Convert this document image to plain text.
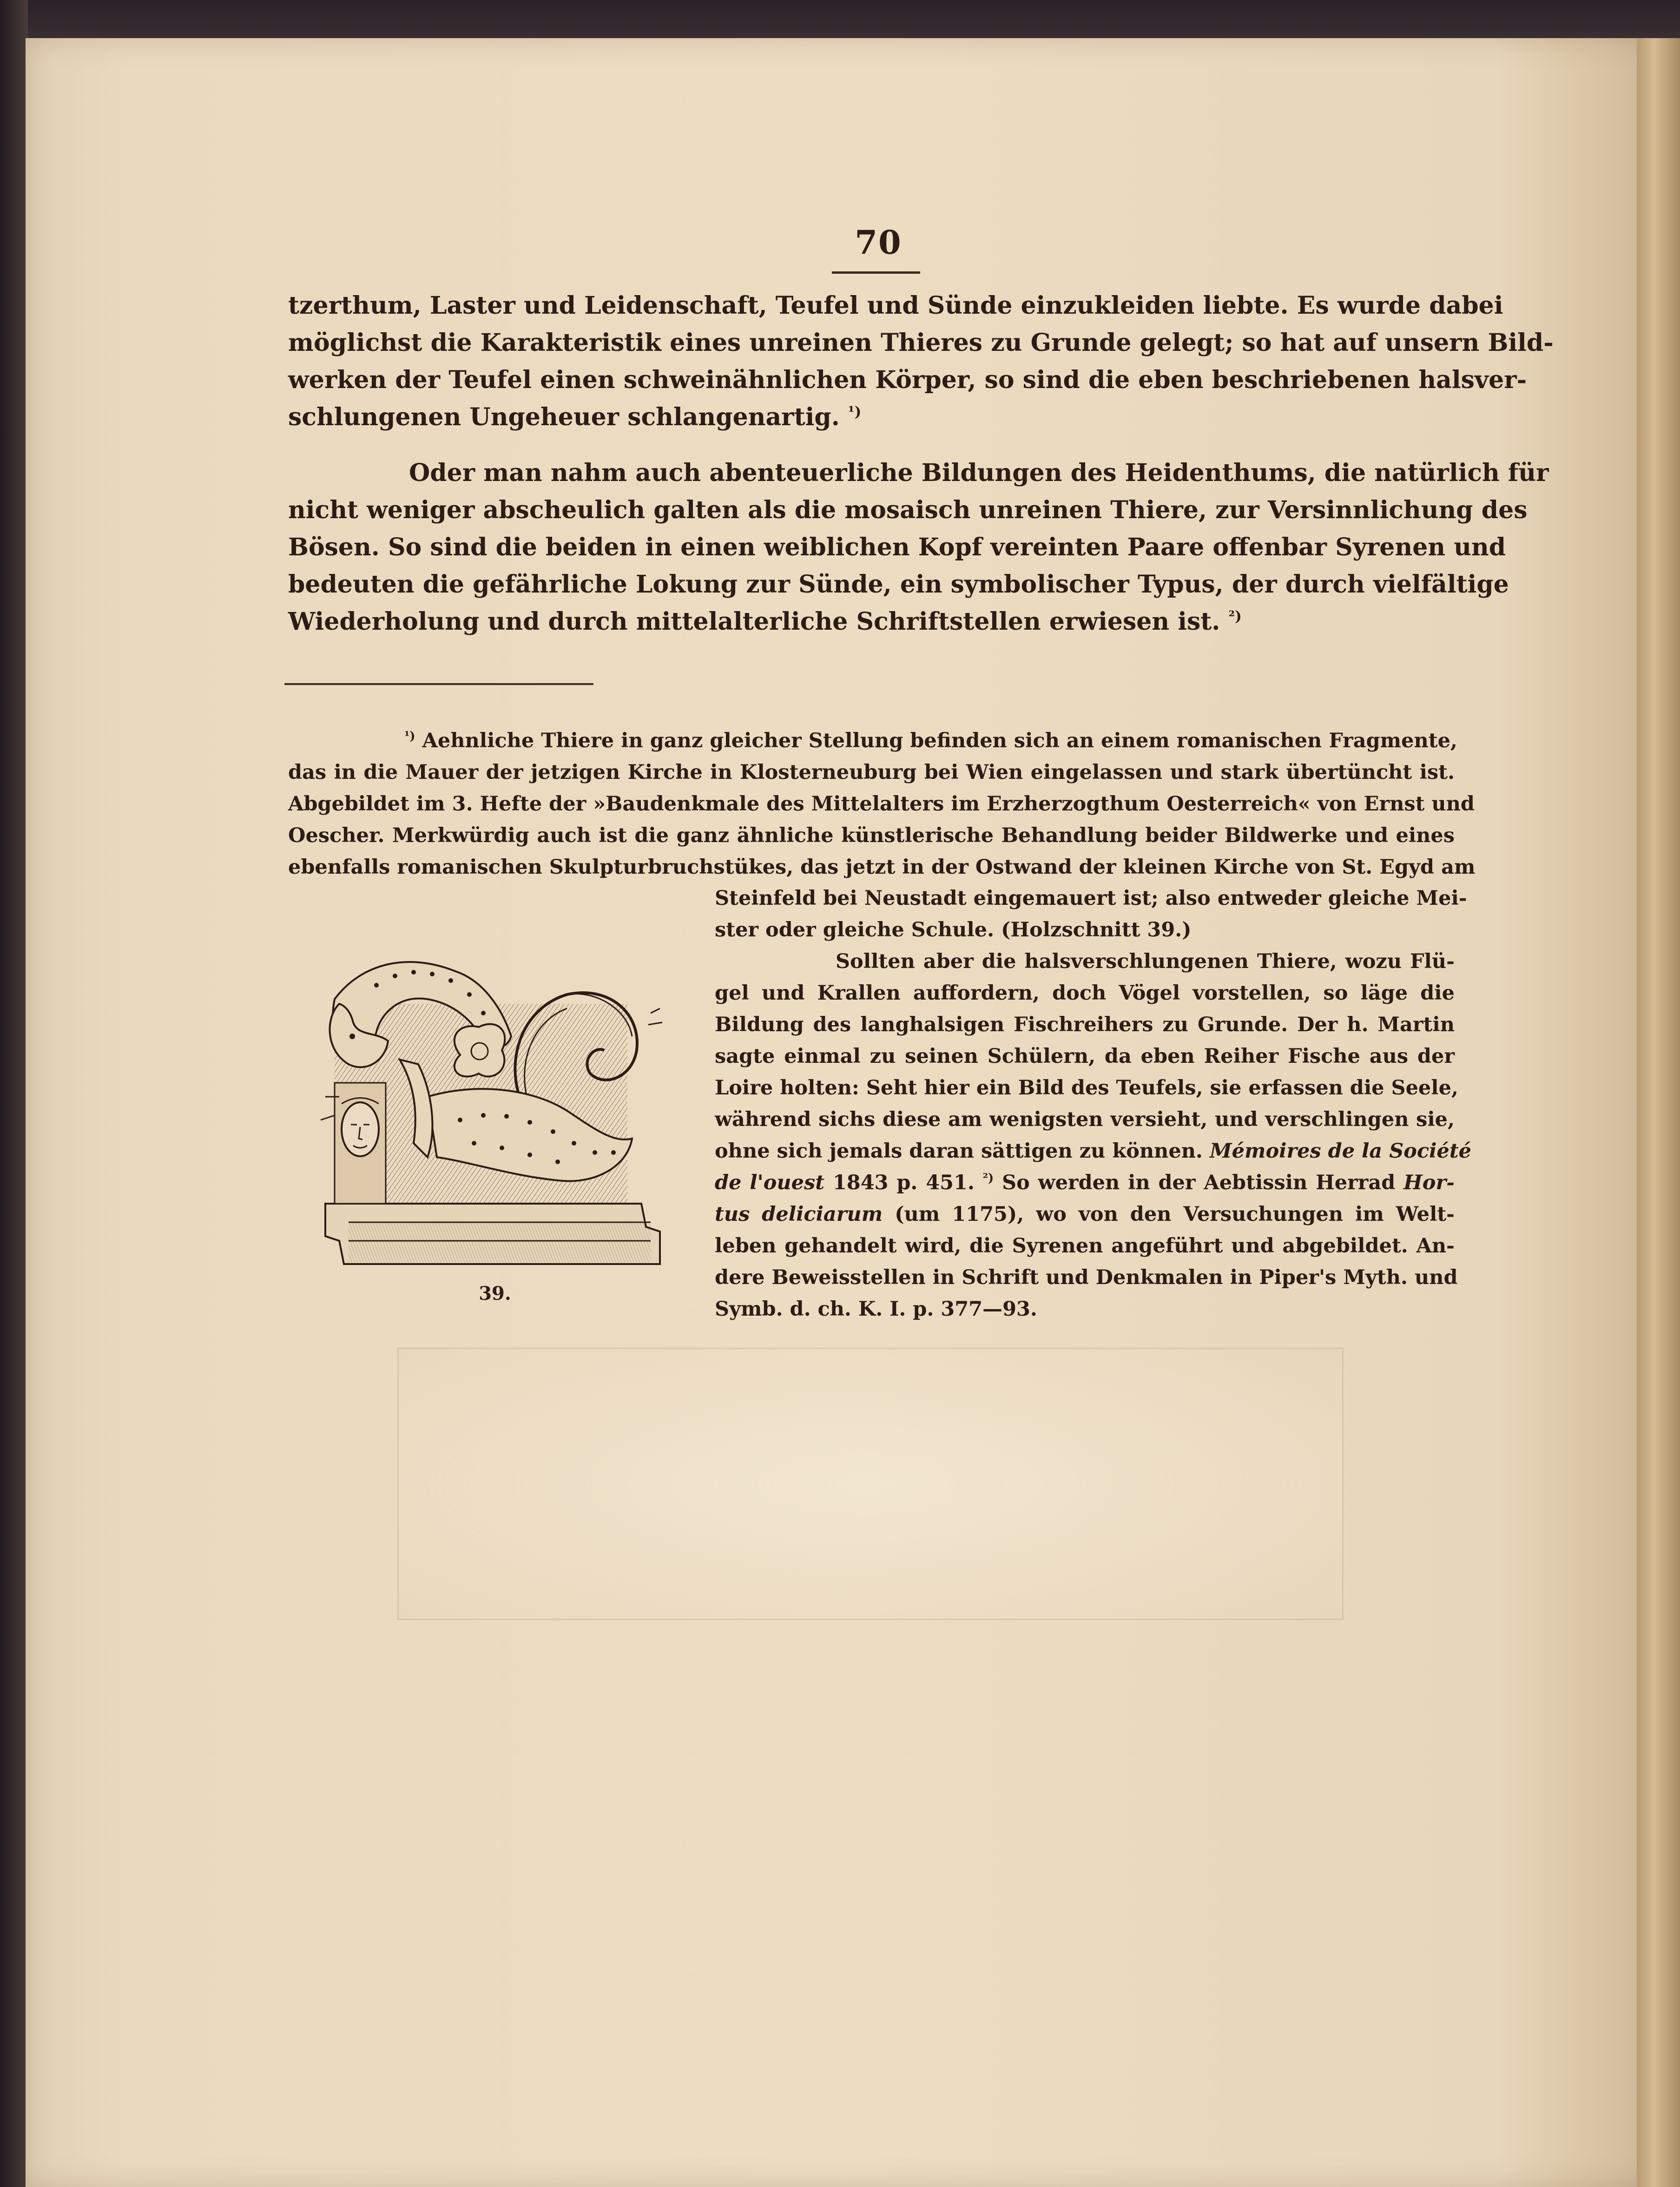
70
tzerthum, Laster und Leidenschaft, Teufel und Sünde einzukleiden liebte. Es wurde dabei
möglichst die Karakteristik eines unreinen Thieres zu Grunde gelegt; so hat auf unsern Bild-
werken der Teufel einen schweinähnlichen Körper, so sind die eben beschriebenen halsver-
schlungenen Ungeheuer schlangenartig. $^{^1)}$
Oder man nahm auch abenteuerliche Bildungen des Heidenthums, die natürlich für
nicht weniger abscheulich galten als die mosaisch unreinen Thiere, zur Versinnlichung des
Bösen. So sind die beiden in einen weiblichen Kopf vereinten Paare offenbar Syrenen und
bedeuten die gefährliche Lokung zur Sünde, ein symbolischer Typus, der durch vielfältige
Wiederholung und durch mittelalterliche Schriftstellen erwiesen ist. $^{^2)}$
$^{^1)}$ Aehnliche Thiere in ganz gleicher Stellung befinden sich an einem romanischen Fragmente,
das in die Mauer der jetzigen Kirche in Klosterneuburg bei Wien eingelassen und stark übertüncht ist.
Abgebildet im 3. Hefte der »Baudenkmale des Mittelalters im Erzherzogthum Oesterreich« von Ernst und
Oescher. Merkwürdig auch ist die ganz ähnliche künstlerische Behandlung beider Bildwerke und eines
ebenfalls romanischen Skulpturbruchstükes, das jetzt in der Ostwand der kleinen Kirche von St. Egyd am
39.
Steinfeld bei Neustadt eingemauert ist; also entweder gleiche Mei-
ster oder gleiche Schule. (Holzschnitt 39.)
Sollten aber die halsverschlungenen Thiere, wozu Flü-
gel und Krallen auffordern, doch Vögel vorstellen, so läge die
Bildung des langhalsigen Fischreihers zu Grunde. Der h. Martin
sagte einmal zu seinen Schülern, da eben Reiher Fische aus der
Loire holten: Seht hier ein Bild des Teufels, sie erfassen die Seele,
während sichs diese am wenigsten versieht, und verschlingen sie,
ohne sich jemals daran sättigen zu können. Mémoires de la Société
de l'ouest 1843 p. 451. $^{^2)}$ So werden in der Aebtissin Herrad Hor-
tus deliciarum (um 1175), wo von den Versuchungen im Welt-
leben gehandelt wird, die Syrenen angeführt und abgebildet. An-
dere Beweisstellen in Schrift und Denkmalen in Piper's Myth. und
Symb. d. ch. K. I. p. 377—93.
